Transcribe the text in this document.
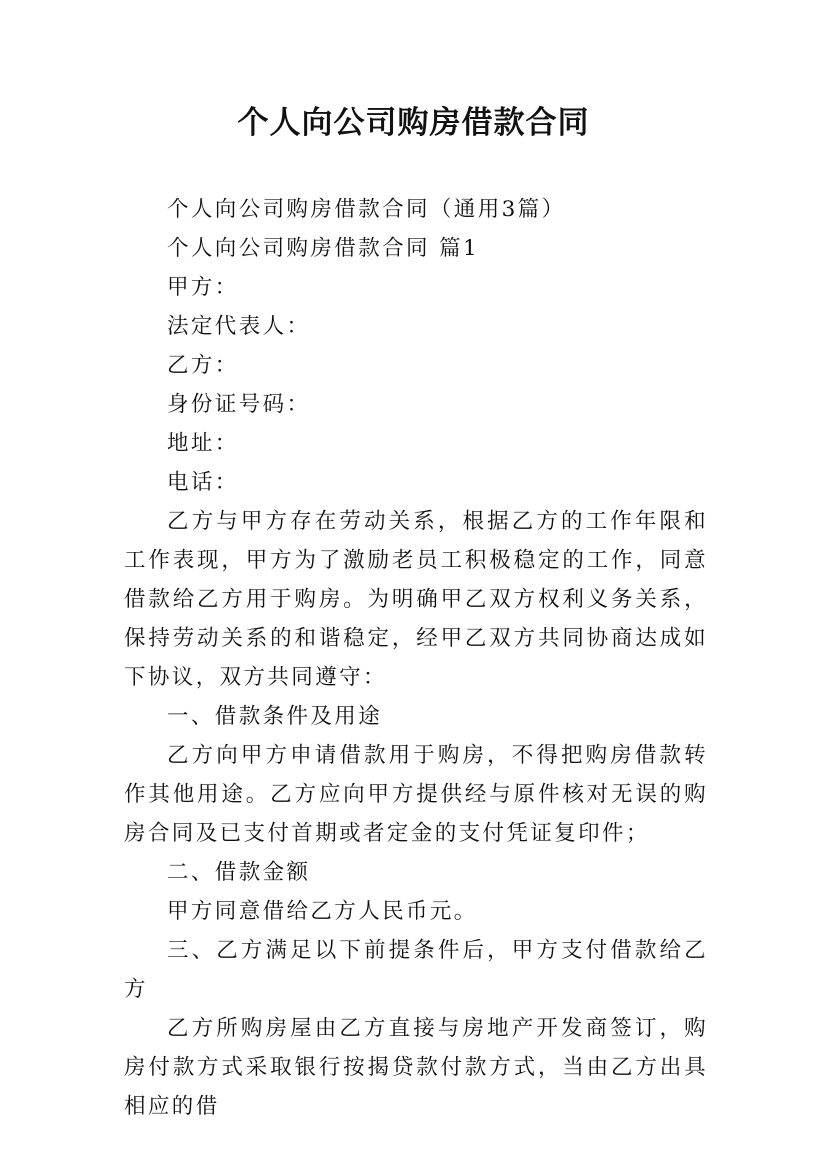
个人向公司购房借款合同

个人向公司购房借款合同（通用3篇）

个人向公司购房借款合同 篇1

甲方：

法定代表人：

乙方：

身份证号码：

地址：

电话：

乙方与甲方存在劳动关系，根据乙方的工作年限和工作表现，甲方为了激励老员工积极稳定的工作，同意借款给乙方用于购房。为明确甲乙双方权利义务关系，保持劳动关系的和谐稳定，经甲乙双方共同协商达成如下协议，双方共同遵守：

一、借款条件及用途

乙方向甲方申请借款用于购房，不得把购房借款转作其他用途。乙方应向甲方提供经与原件核对无误的购房合同及已支付首期或者定金的支付凭证复印件；

二、借款金额

甲方同意借给乙方人民币元。

三、乙方满足以下前提条件后，甲方支付借款给乙方

乙方所购房屋由乙方直接与房地产开发商签订，购房付款方式采取银行按揭贷款付款方式，当由乙方出具相应的借
